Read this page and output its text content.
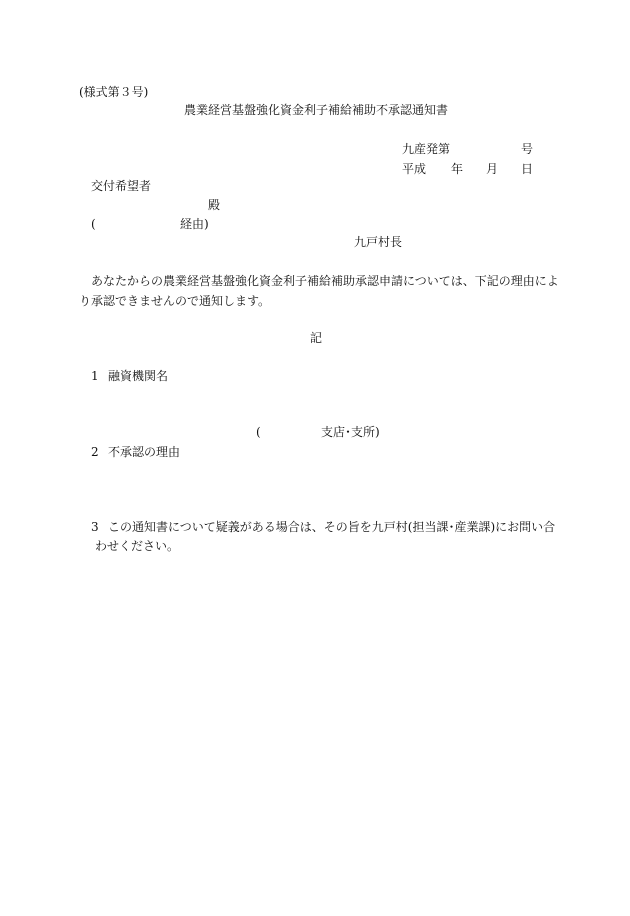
(様式第３号)
農業経営基盤強化資金利子補給補助不承認通知書
九産発第	号
平成 年 月 日
交付希望者
殿
(	経由)
九戸村長
あなたからの農業経営基盤強化資金利子補給補助承認申請については、下記の理由によ
り承認できませんので通知します。
記
1 融資機関名
(	支店･支所)
2 不承認の理由
3 この通知書について疑義がある場合は、その旨を九戸村(担当課･産業課)にお問い合
わせください。
